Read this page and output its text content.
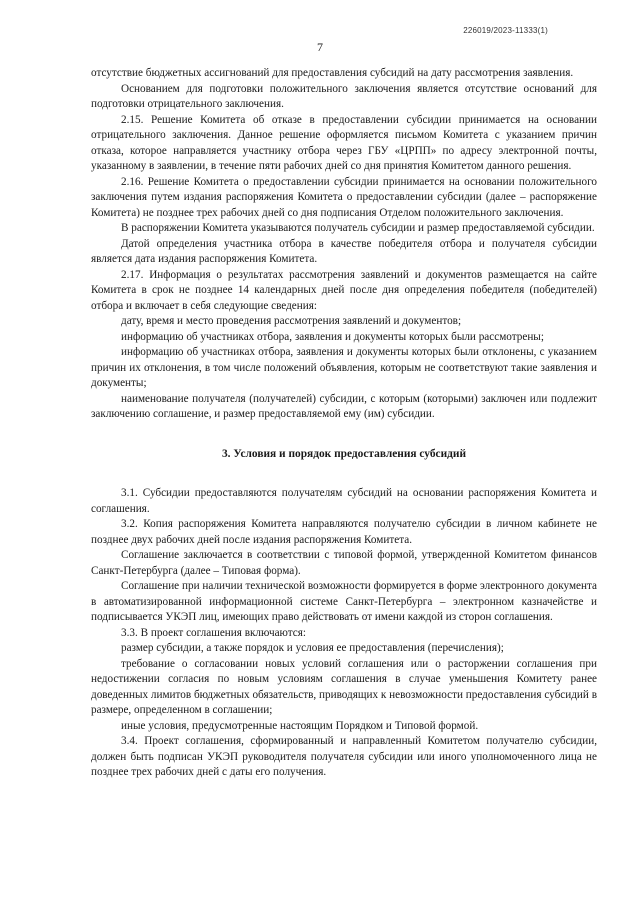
226019/2023-11333(1)
7

отсутствие бюджетных ассигнований для предоставления субсидий на дату рассмотрения заявления.

Основанием для подготовки положительного заключения является отсутствие оснований для подготовки отрицательного заключения.

2.15. Решение Комитета об отказе в предоставлении субсидии принимается на основании отрицательного заключения. Данное решение оформляется письмом Комитета с указанием причин отказа, которое направляется участнику отбора через ГБУ «ЦРПП» по адресу электронной почты, указанному в заявлении, в течение пяти рабочих дней со дня принятия Комитетом данного решения.

2.16. Решение Комитета о предоставлении субсидии принимается на основании положительного заключения путем издания распоряжения Комитета о предоставлении субсидии (далее – распоряжение Комитета) не позднее трех рабочих дней со дня подписания Отделом положительного заключения.

В распоряжении Комитета указываются получатель субсидии и размер предоставляемой субсидии.

Датой определения участника отбора в качестве победителя отбора и получателя субсидии является дата издания распоряжения Комитета.

2.17. Информация о результатах рассмотрения заявлений и документов размещается на сайте Комитета в срок не позднее 14 календарных дней после дня определения победителя (победителей) отбора и включает в себя следующие сведения:

дату, время и место проведения рассмотрения заявлений и документов;

информацию об участниках отбора, заявления и документы которых были рассмотрены;

информацию об участниках отбора, заявления и документы которых были отклонены, с указанием причин их отклонения, в том числе положений объявления, которым не соответствуют такие заявления и документы;

наименование получателя (получателей) субсидии, с которым (которыми) заключен или подлежит заключению соглашение, и размер предоставляемой ему (им) субсидии.

3. Условия и порядок предоставления субсидий

3.1. Субсидии предоставляются получателям субсидий на основании распоряжения Комитета и соглашения.

3.2. Копия распоряжения Комитета направляются получателю субсидии в личном кабинете не позднее двух рабочих дней после издания распоряжения Комитета.

Соглашение заключается в соответствии с типовой формой, утвержденной Комитетом финансов Санкт-Петербурга (далее – Типовая форма).

Соглашение при наличии технической возможности формируется в форме электронного документа в автоматизированной информационной системе Санкт-Петербурга – электронном казначействе и подписывается УКЭП лиц, имеющих право действовать от имени каждой из сторон соглашения.

3.3. В проект соглашения включаются:

размер субсидии, а также порядок и условия ее предоставления (перечисления);

требование о согласовании новых условий соглашения или о расторжении соглашения при недостижении согласия по новым условиям соглашения в случае уменьшения Комитету ранее доведенных лимитов бюджетных обязательств, приводящих к невозможности предоставления субсидий в размере, определенном в соглашении;

иные условия, предусмотренные настоящим Порядком и Типовой формой.

3.4. Проект соглашения, сформированный и направленный Комитетом получателю субсидии, должен быть подписан УКЭП руководителя получателя субсидии или иного уполномоченного лица не позднее трех рабочих дней с даты его получения.
